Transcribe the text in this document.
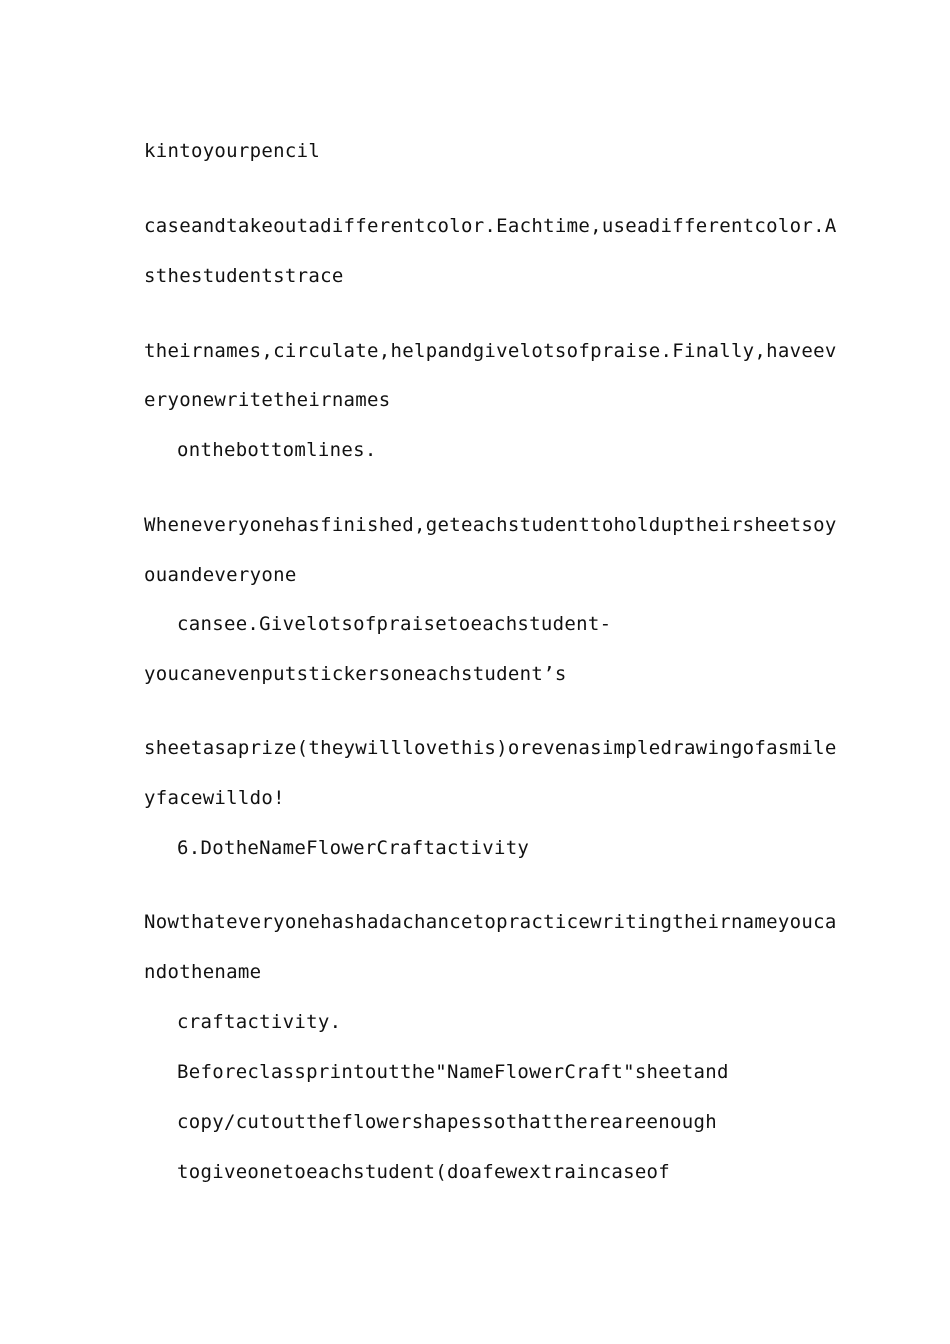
kintoyourpencil
caseandtakeoutadifferentcolor.Eachtime,useadifferentcolor.A
sthestudentstrace
theirnames,circulate,helpandgivelotsofpraise.Finally,haveev
eryonewritetheirnames
onthebottomlines.
Wheneveryonehasfinished,geteachstudenttoholduptheirsheetsoy
ouandeveryone
cansee.Givelotsofpraisetoeachstudent-
youcanevenputstickersoneachstudent’s
sheetasaprize(theywilllovethis)orevenasimpledrawingofasmile
yfacewilldo!
6.DotheNameFlowerCraftactivity
Nowthateveryonehashadachancetopracticewritingtheirnameyouca
ndothename
craftactivity.
Beforeclassprintoutthe"NameFlowerCraft"sheetand
copy/cutouttheflowershapessothatthereareenough
togiveonetoeachstudent(doafewextraincaseof
